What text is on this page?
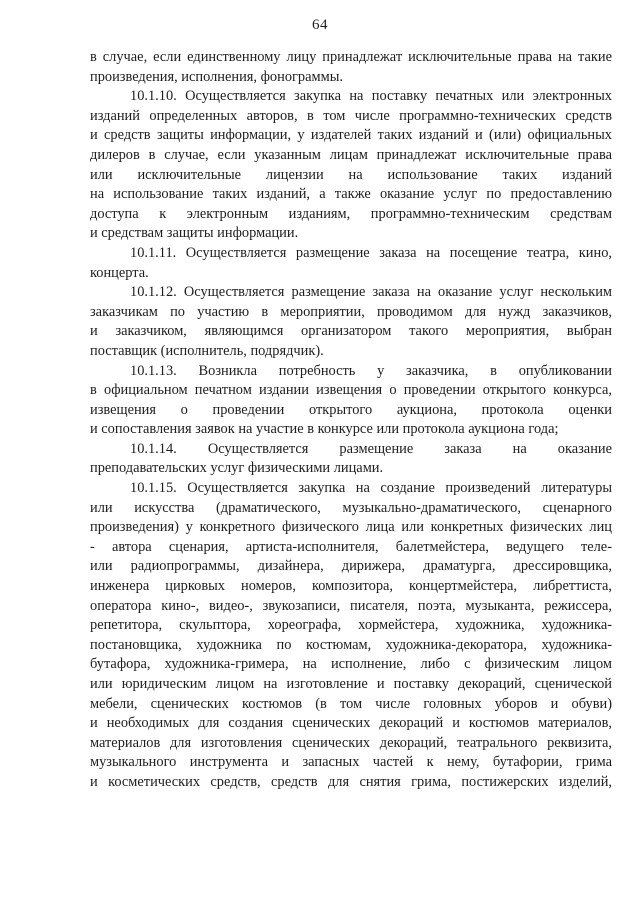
64
в случае, если единственному лицу принадлежат исключительные права на такие
произведения, исполнения, фонограммы.
10.1.10. Осуществляется закупка на поставку печатных или электронных
изданий определенных авторов, в том числе программно-технических средств
и средств защиты информации, у издателей таких изданий и (или) официальных
дилеров в случае, если указанным лицам принадлежат исключительные права
или исключительные лицензии на использование таких изданий
на использование таких изданий, а также оказание услуг по предоставлению
доступа к электронным изданиям, программно-техническим средствам
и средствам защиты информации.
10.1.11. Осуществляется размещение заказа на посещение театра, кино,
концерта.
10.1.12. Осуществляется размещение заказа на оказание услуг нескольким
заказчикам по участию в мероприятии, проводимом для нужд заказчиков,
и заказчиком, являющимся организатором такого мероприятия, выбран
поставщик (исполнитель, подрядчик).
10.1.13. Возникла потребность у заказчика, в опубликовании
в официальном печатном издании извещения о проведении открытого конкурса,
извещения о проведении открытого аукциона, протокола оценки
и сопоставления заявок на участие в конкурсе или протокола аукциона года;
10.1.14. Осуществляется размещение заказа на оказание
преподавательских услуг физическими лицами.
10.1.15. Осуществляется закупка на создание произведений литературы
или искусства (драматического, музыкально-драматического, сценарного
произведения) у конкретного физического лица или конкретных физических лиц
- автора сценария, артиста-исполнителя, балетмейстера, ведущего теле-
или радиопрограммы, дизайнера, дирижера, драматурга, дрессировщика,
инженера цирковых номеров, композитора, концертмейстера, либреттиста,
оператора кино-, видео-, звукозаписи, писателя, поэта, музыканта, режиссера,
репетитора, скульптора, хореографа, хормейстера, художника, художника-
постановщика, художника по костюмам, художника-декоратора, художника-
бутафора, художника-гримера, на исполнение, либо с физическим лицом
или юридическим лицом на изготовление и поставку декораций, сценической
мебели, сценических костюмов (в том числе головных уборов и обуви)
и необходимых для создания сценических декораций и костюмов материалов,
материалов для изготовления сценических декораций, театрального реквизита,
музыкального инструмента и запасных частей к нему, бутафории, грима
и косметических средств, средств для снятия грима, постижерских изделий,
